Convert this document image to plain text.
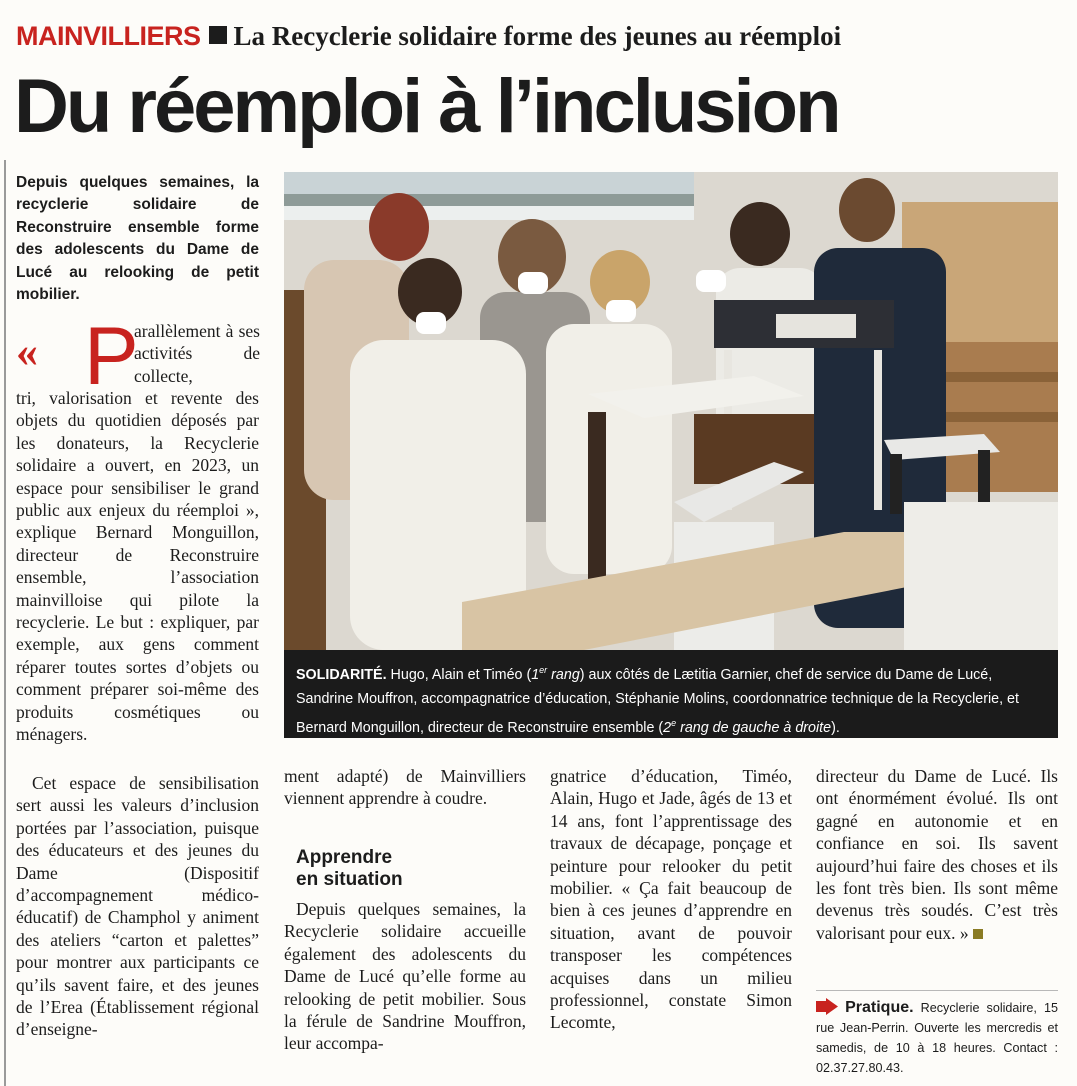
MAINVILLIERS La Recyclerie solidaire forme des jeunes au réemploi
Du réemploi à l’inclusion
Depuis quelques semaines, la recyclerie solidaire de Reconstruire ensemble forme des adolescents du Dame de Lucé au relooking de petit mobilier.
« P
arallèlement à ses activités de collecte,
tri, valorisation et revente des objets du quotidien déposés par les donateurs, la Recyclerie solidaire a ouvert, en 2023, un espace pour sensibiliser le grand public aux enjeux du réemploi », explique Bernard Monguillon, directeur de Reconstruire ensemble, l’association mainvilloise qui pilote la recyclerie. Le but : expliquer, par exemple, aux gens comment réparer toutes sortes d’objets ou comment préparer soi-même des produits cosmétiques ou ménagers.
Cet espace de sensibilisation sert aussi les valeurs d’inclusion portées par l’association, puisque des éducateurs et des jeunes du Dame (Dispositif d’accompagnement médico-éducatif) de Champhol y animent des ateliers “carton et palettes” pour montrer aux participants ce qu’ils savent faire, et des jeunes de l’Erea (Établissement régional d’enseigne-
SOLIDARITÉ. Hugo, Alain et Timéo (1er rang) aux côtés de Lætitia Garnier, chef de service du Dame de Lucé, Sandrine Mouffron, accompagnatrice d’éducation, Stéphanie Molins, coordonnatrice technique de la Recyclerie, et Bernard Monguillon, directeur de Reconstruire ensemble (2e rang de gauche à droite).
ment adapté) de Mainvilliers viennent apprendre à coudre.
Apprendre
en situation
Depuis quelques semaines, la Recyclerie solidaire accueille également des adolescents du Dame de Lucé qu’elle forme au relooking de petit mobilier. Sous la férule de Sandrine Mouffron, leur accompa-
gnatrice d’éducation, Timéo, Alain, Hugo et Jade, âgés de 13 et 14 ans, font l’apprentissage des travaux de décapage, ponçage et peinture pour relooker du petit mobilier. « Ça fait beaucoup de bien à ces jeunes d’apprendre en situation, avant de pouvoir transposer les compétences acquises dans un milieu professionnel, constate Simon Lecomte,
directeur du Dame de Lucé. Ils ont énormément évolué. Ils ont gagné en autonomie et en confiance en soi. Ils savent aujourd’hui faire des choses et ils les font très bien. Ils sont même devenus très soudés. C’est très valorisant pour eux. »
Pratique. Recyclerie solidaire, 15 rue Jean-Perrin. Ouverte les mercredis et samedis, de 10 à 18 heures. Contact : 02.37.27.80.43.
